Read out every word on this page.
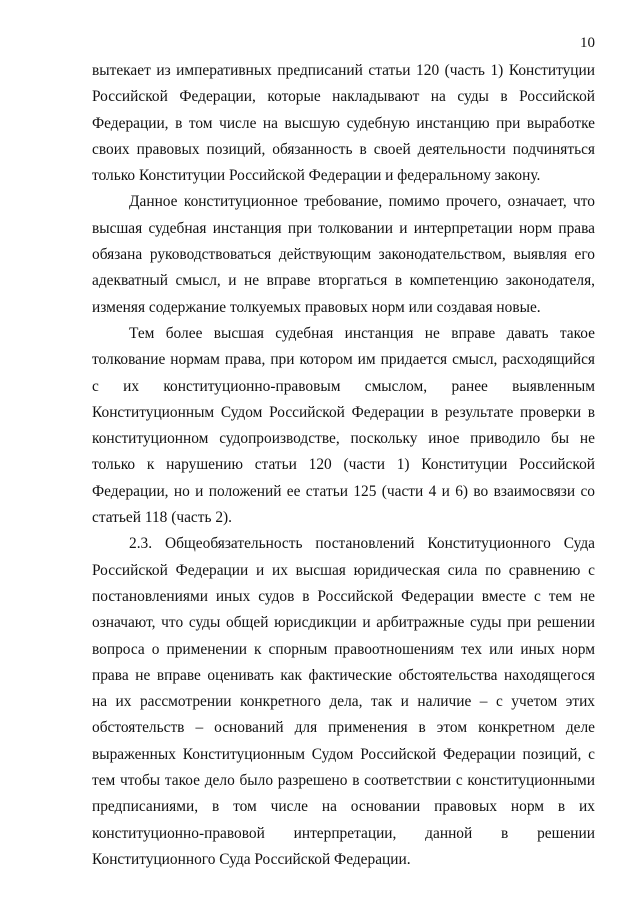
10

вытекает из императивных предписаний статьи 120 (часть 1) Конституции Российской Федерации, которые накладывают на суды в Российской Федерации, в том числе на высшую судебную инстанцию при выработке своих правовых позиций, обязанность в своей деятельности подчиняться только Конституции Российской Федерации и федеральному закону.

Данное конституционное требование, помимо прочего, означает, что высшая судебная инстанция при толковании и интерпретации норм права обязана руководствоваться действующим законодательством, выявляя его адекватный смысл, и не вправе вторгаться в компетенцию законодателя, изменяя содержание толкуемых правовых норм или создавая новые.

Тем более высшая судебная инстанция не вправе давать такое толкование нормам права, при котором им придается смысл, расходящийся с их конституционно-правовым смыслом, ранее выявленным Конституционным Судом Российской Федерации в результате проверки в конституционном судопроизводстве, поскольку иное приводило бы не только к нарушению статьи 120 (части 1) Конституции Российской Федерации, но и положений ее статьи 125 (части 4 и 6) во взаимосвязи со статьей 118 (часть 2).

2.3. Общеобязательность постановлений Конституционного Суда Российской Федерации и их высшая юридическая сила по сравнению с постановлениями иных судов в Российской Федерации вместе с тем не означают, что суды общей юрисдикции и арбитражные суды при решении вопроса о применении к спорным правоотношениям тех или иных норм права не вправе оценивать как фактические обстоятельства находящегося на их рассмотрении конкретного дела, так и наличие – с учетом этих обстоятельств – оснований для применения в этом конкретном деле выраженных Конституционным Судом Российской Федерации позиций, с тем чтобы такое дело было разрешено в соответствии с конституционными предписаниями, в том числе на основании правовых норм в их конституционно-правовой интерпретации, данной в решении Конституционного Суда Российской Федерации.
